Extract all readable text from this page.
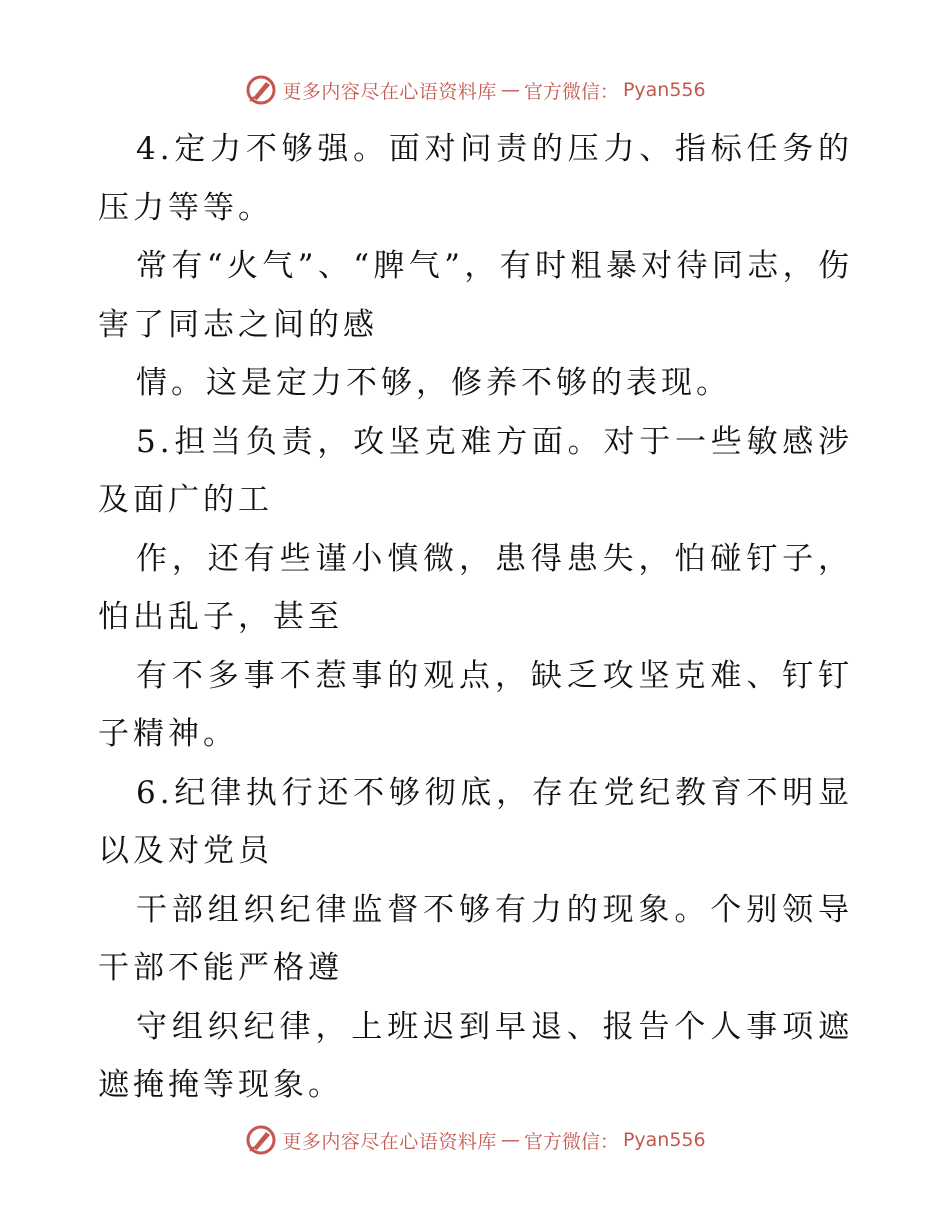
更多内容尽在心语资料库 — 官方微信： Pyan556

4.定力不够强。面对问责的压力、指标任务的压力等等。

常有“火气”、“脾气”，有时粗暴对待同志，伤害了同志之间的感

情。这是定力不够，修养不够的表现。

5.担当负责，攻坚克难方面。对于一些敏感涉及面广的工

作，还有些谨小慎微，患得患失，怕碰钉子，怕出乱子，甚至

有不多事不惹事的观点，缺乏攻坚克难、钉钉子精神。

6.纪律执行还不够彻底，存在党纪教育不明显以及对党员

干部组织纪律监督不够有力的现象。个别领导干部不能严格遵

守组织纪律，上班迟到早退、报告个人事项遮遮掩掩等现象。

更多内容尽在心语资料库 — 官方微信： Pyan556
